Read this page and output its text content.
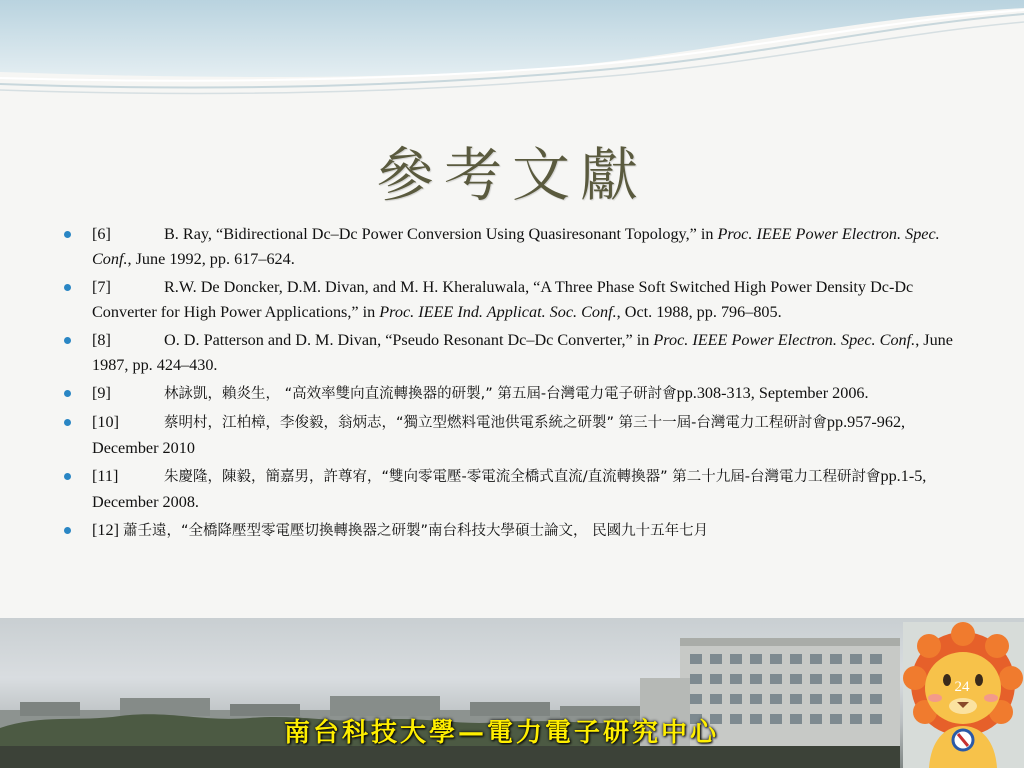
參考文獻
[6]	B. Ray, “Bidirectional Dc–Dc Power Conversion Using Quasiresonant Topology,” in Proc. IEEE Power Electron. Spec. Conf., June 1992, pp. 617–624.
[7]	R.W. De Doncker, D.M. Divan, and M. H. Kheraluwala, “A Three Phase Soft Switched High Power Density Dc-Dc Converter for High Power Applications,” in Proc. IEEE Ind. Applicat. Soc. Conf., Oct. 1988, pp. 796–805.
[8]	O. D. Patterson and D. M. Divan, “Pseudo Resonant Dc–Dc Converter,” in Proc. IEEE Power Electron. Spec. Conf., June 1987, pp. 424–430.
[9]	林詠凱，賴炎生， “高效率雙向直流轉換器的研製,” 第五屆-台灣電力電子研討會pp.308-313, September 2006.
[10]	蔡明村，江柏樟，李俊毅，翁炳志，“獨立型燃料電池供電系統之研製” 第三十一屆-台灣電力工程研討會pp.957-962, December 2010
[11]	朱慶隆，陳毅，簡嘉男，許尊宥，“雙向零電壓-零電流全橋式直流/直流轉換器” 第二十九屆-台灣電力工程研討會pp.1-5, December 2008.
[12] 蕭壬遠，“全橋降壓型零電壓切換轉換器之研製”南台科技大學碩士論文， 民國九十五年七月
24
南台科技大學—電力電子研究中心
